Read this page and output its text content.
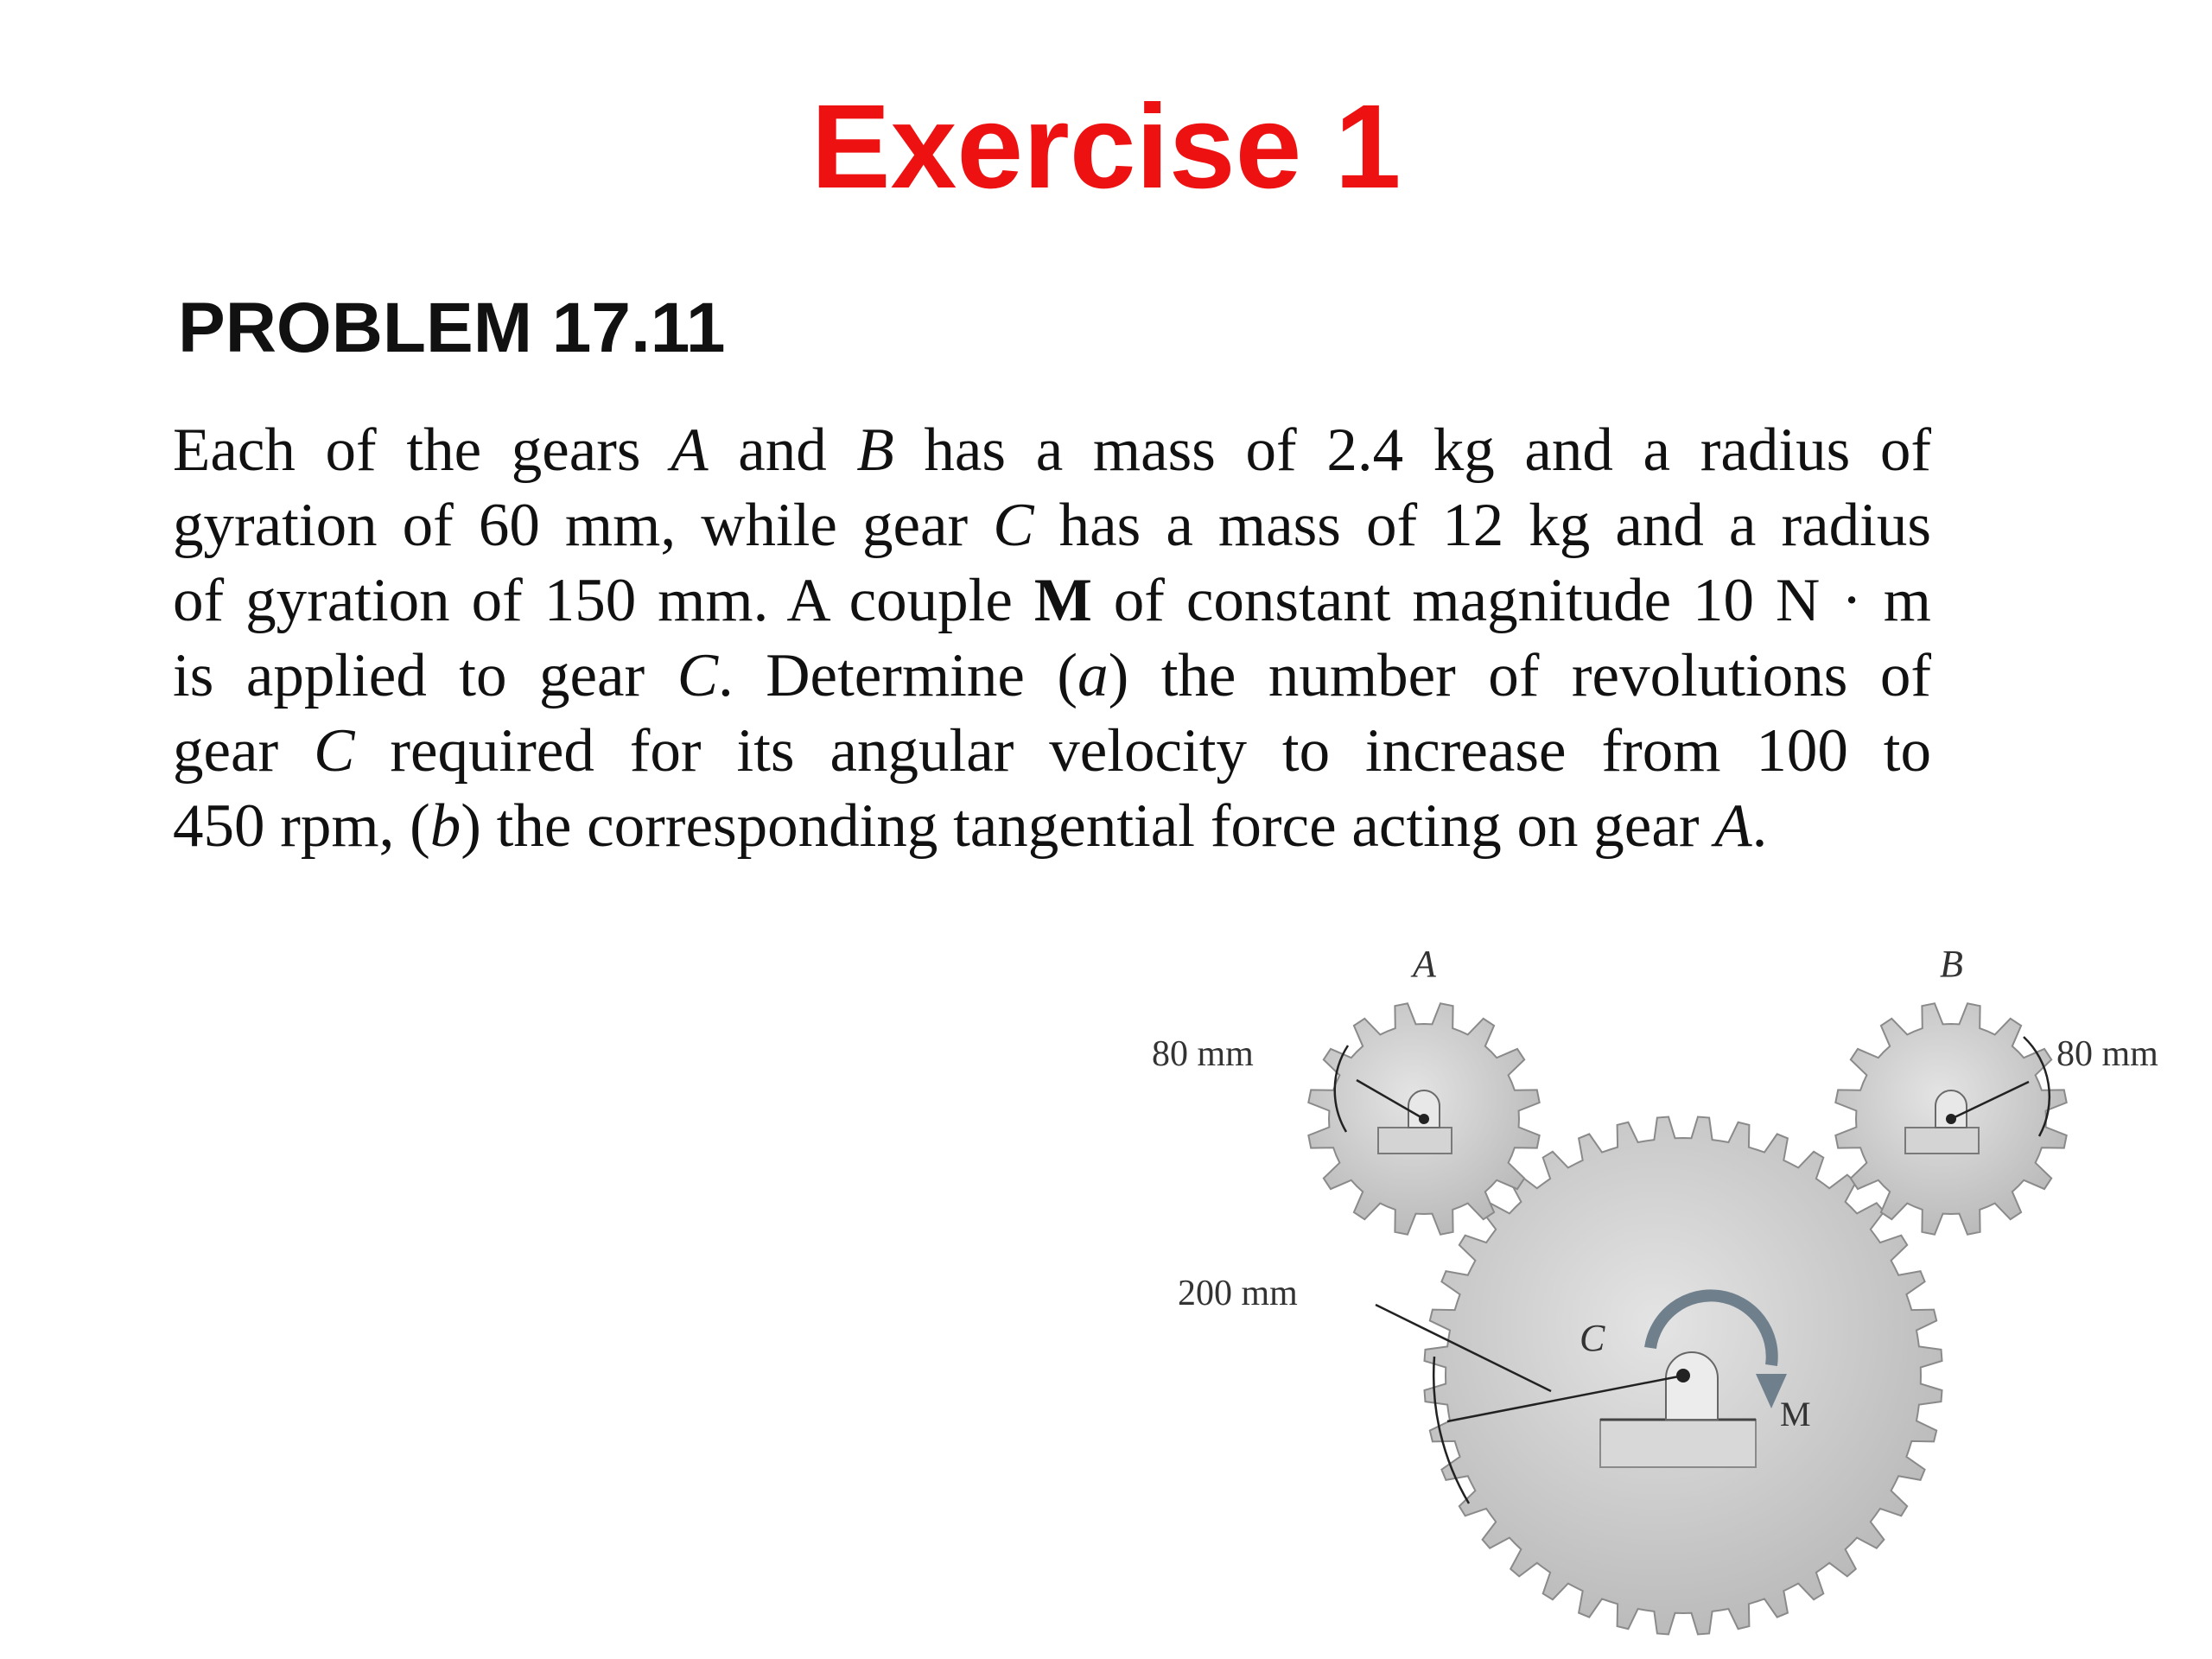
Exercise 1
PROBLEM 17.11

Each of the gears A and B has a mass of 2.4 kg and a radius of
gyration of 60 mm, while gear C has a mass of 12 kg and a radius
of gyration of 150 mm. A couple M of constant magnitude 10 N · m
is applied to gear C. Determine (a) the number of revolutions of
gear C required for its angular velocity to increase from 100 to
450 rpm, (b) the corresponding tangential force acting on gear A.

A	B
C
M
80 mm	80 mm
200 mm
